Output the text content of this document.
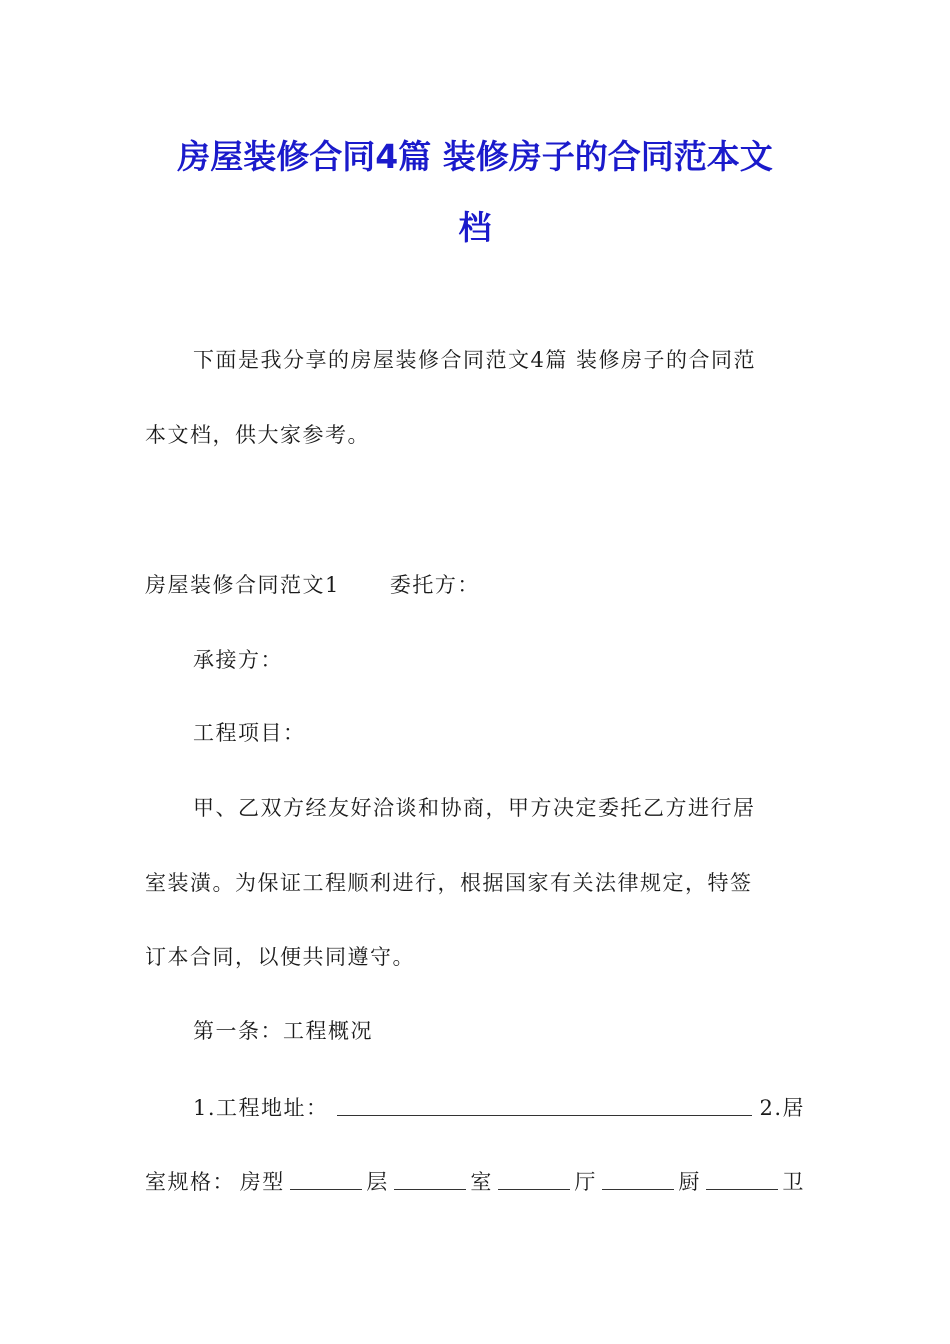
房屋装修合同4篇 装修房子的合同范本文
档

下面是我分享的房屋装修合同范文4篇 装修房子的合同范

本文档，供大家参考。

房屋装修合同范文1 委托方：

承接方：

工程项目：

甲、乙双方经友好洽谈和协商，甲方决定委托乙方进行居

室装潢。为保证工程顺利进行，根据国家有关法律规定，特签

订本合同，以便共同遵守。

第一条：工程概况

1.工程地址：	2.居

室规格： 房型	层	室	厅	厨	卫
